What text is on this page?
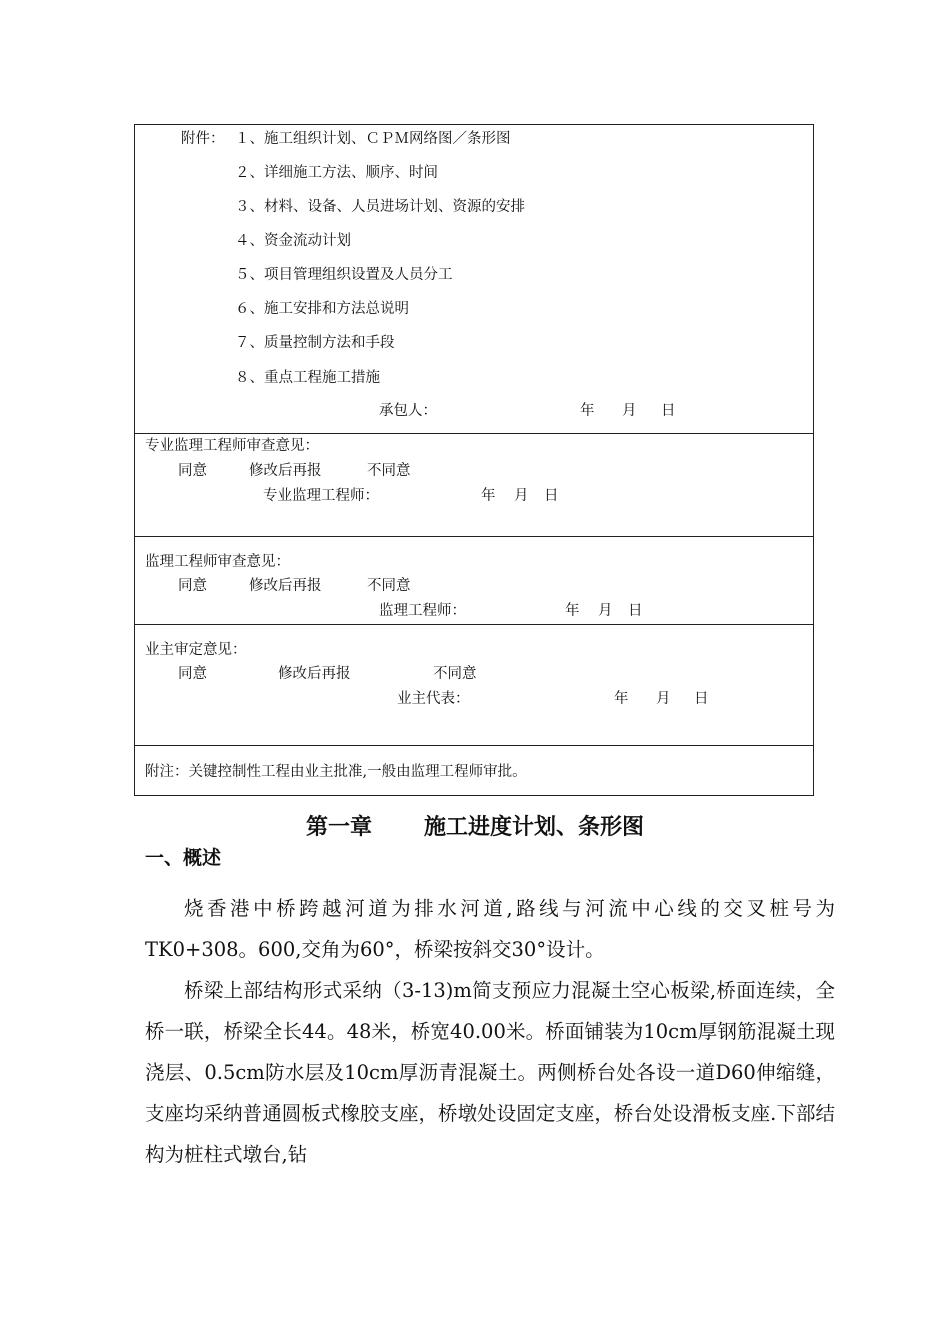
附件： １、施工组织计划、ＣＰＭ网络图／条形图
２、详细施工方法、顺序、时间
３、材料、设备、人员进场计划、资源的安排
４、资金流动计划
５、项目管理组织设置及人员分工
６、施工安排和方法总说明
７、质量控制方法和手段
８、重点工程施工措施
承包人：	年 月 日
专业监理工程师审查意见：
同意	修改后再报	不同意
专业监理工程师：	年 月 日
监理工程师审查意见：
同意	修改后再报	不同意
监理工程师：	年 月 日
业主审定意见：
同意	修改后再报	不同意
业主代表：	年 月 日
附注：关键控制性工程由业主批准,一般由监理工程师审批。
第一章 施工进度计划、条形图
一、概述

烧香港中桥跨越河道为排水河道,路线与河流中心线的交叉桩号为TK0+308。600,交角为60°，桥梁按斜交30°设计。

桥梁上部结构形式采纳（3-13)m简支预应力混凝土空心板梁,桥面连续，全桥一联，桥梁全长44。48米，桥宽40.00米。桥面铺装为10cm厚钢筋混凝土现浇层、0.5cm防水层及10cm厚沥青混凝土。两侧桥台处各设一道D60伸缩缝，支座均采纳普通圆板式橡胶支座，桥墩处设固定支座，桥台处设滑板支座.下部结构为桩柱式墩台,钻
